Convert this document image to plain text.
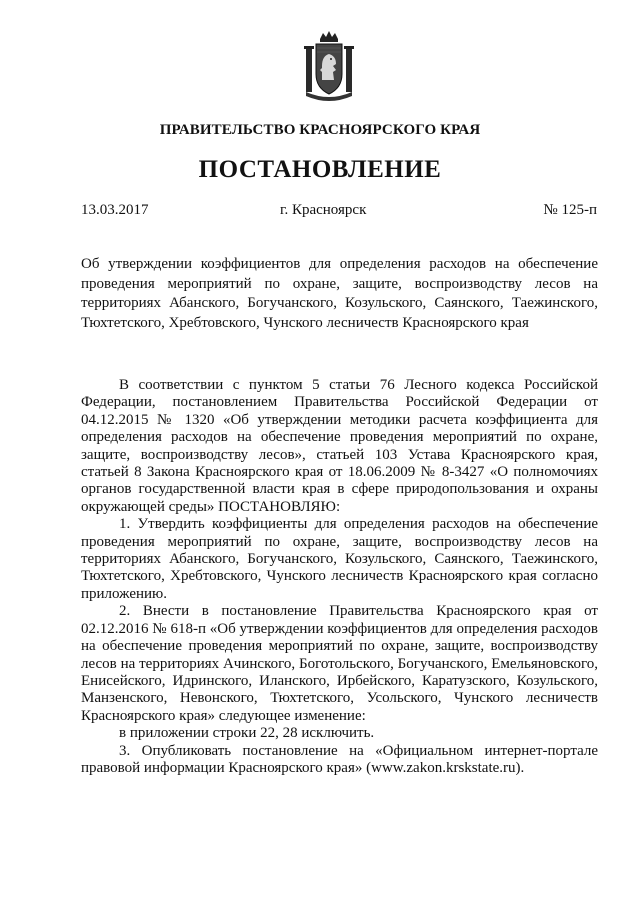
ПРАВИТЕЛЬСТВО КРАСНОЯРСКОГО КРАЯ
ПОСТАНОВЛЕНИЕ
13.03.2017	г. Красноярск	№ 125-п
Об утверждении коэффициентов для определения расходов на обеспечение проведения мероприятий по охране, защите, воспроизводству лесов на территориях Абанского, Богучанского, Козульского, Саянского, Таежинского, Тюхтетского, Хребтовского, Чунского лесничеств Красноярского края

В соответствии с пунктом 5 статьи 76 Лесного кодекса Российской Федерации, постановлением Правительства Российской Федерации от 04.12.2015 № 1320 «Об утверждении методики расчета коэффициента для определения расходов на обеспечение проведения мероприятий по охране, защите, воспроизводству лесов», статьей 103 Устава Красноярского края, статьей 8 Закона Красноярского края от 18.06.2009 № 8-3427 «О полномочиях органов государственной власти края в сфере природопользования и охраны окружающей среды» ПОСТАНОВЛЯЮ:

1. Утвердить коэффициенты для определения расходов на обеспечение проведения мероприятий по охране, защите, воспроизводству лесов на территориях Абанского, Богучанского, Козульского, Саянского, Таежинского, Тюхтетского, Хребтовского, Чунского лесничеств Красноярского края согласно приложению.

2. Внести в постановление Правительства Красноярского края от 02.12.2016 № 618-п «Об утверждении коэффициентов для определения расходов на обеспечение проведения мероприятий по охране, защите, воспроизводству лесов на территориях Ачинского, Боготольского, Богучанского, Емельяновского, Енисейского, Идринского, Иланского, Ирбейского, Каратузского, Козульского, Манзенского, Невонского, Тюхтетского, Усольского, Чунского лесничеств Красноярского края» следующее изменение:

в приложении строки 22, 28 исключить.

3. Опубликовать постановление на «Официальном интернет-портале правовой информации Красноярского края» (www.zakon.krskstate.ru).
